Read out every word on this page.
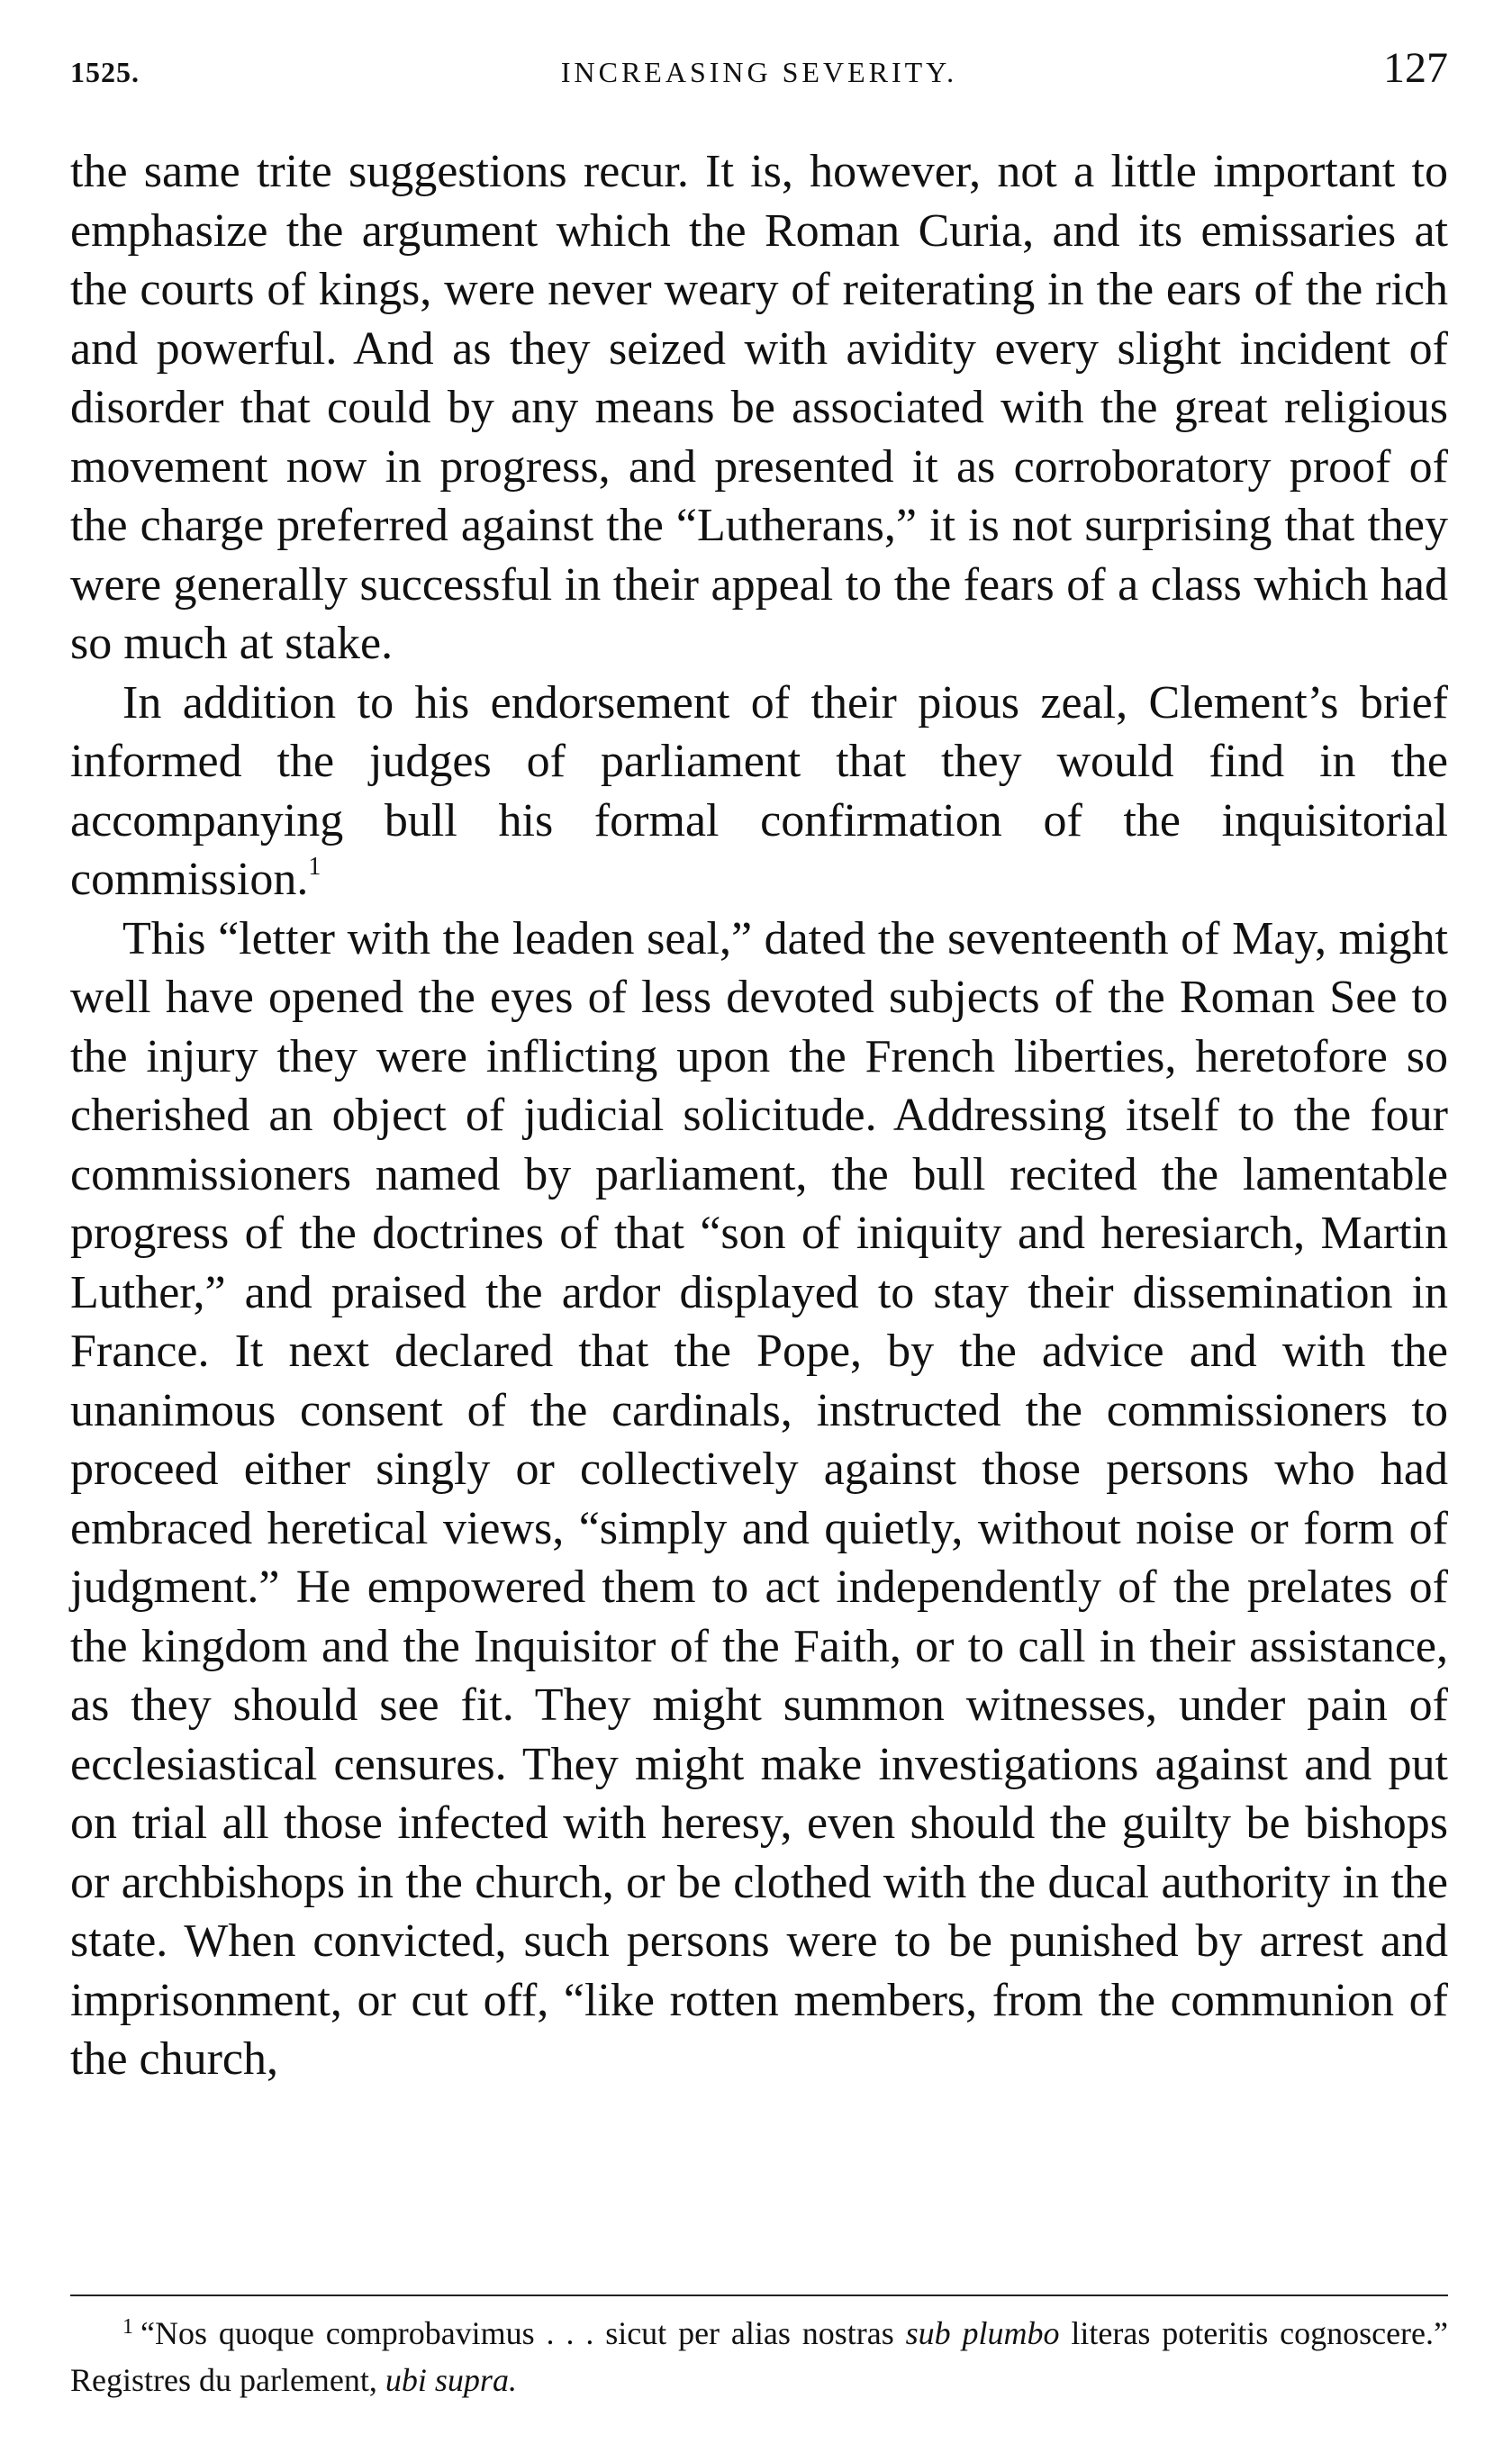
1525.	INCREASING SEVERITY.	127

the same trite suggestions recur. It is, however, not a little important to emphasize the argument which the Roman Curia, and its emissaries at the courts of kings, were never weary of reiterating in the ears of the rich and powerful. And as they seized with avidity every slight incident of disorder that could by any means be associated with the great religious movement now in progress, and presented it as corroboratory proof of the charge preferred against the “Lutherans,” it is not surprising that they were generally successful in their appeal to the fears of a class which had so much at stake.

In addition to his endorsement of their pious zeal, Clement’s brief informed the judges of parliament that they would find in the accompanying bull his formal confirmation of the inquisitorial commission.$^1$

This “letter with the leaden seal,” dated the seventeenth of May, might well have opened the eyes of less devoted subjects of the Roman See to the injury they were inflicting upon the French liberties, heretofore so cherished an object of judicial solicitude. Addressing itself to the four commissioners named by parliament, the bull recited the lamentable progress of the doctrines of that “son of iniquity and heresiarch, Martin Luther,” and praised the ardor displayed to stay their dissemination in France. It next declared that the Pope, by the advice and with the unanimous consent of the cardinals, instructed the commissioners to proceed either singly or collectively against those persons who had embraced heretical views, “simply and quietly, without noise or form of judgment.” He empowered them to act independently of the prelates of the kingdom and the Inquisitor of the Faith, or to call in their assistance, as they should see fit. They might summon witnesses, under pain of ecclesiastical censures. They might make investigations against and put on trial all those infected with heresy, even should the guilty be bishops or archbishops in the church, or be clothed with the ducal authority in the state. When convicted, such persons were to be punished by arrest and imprisonment, or cut off, “like rotten members, from the communion of the church,

$^1$ “Nos quoque comprobavimus . . . sicut per alias nostras sub plumbo literas poteritis cognoscere.” Registres du parlement, ubi supra.
